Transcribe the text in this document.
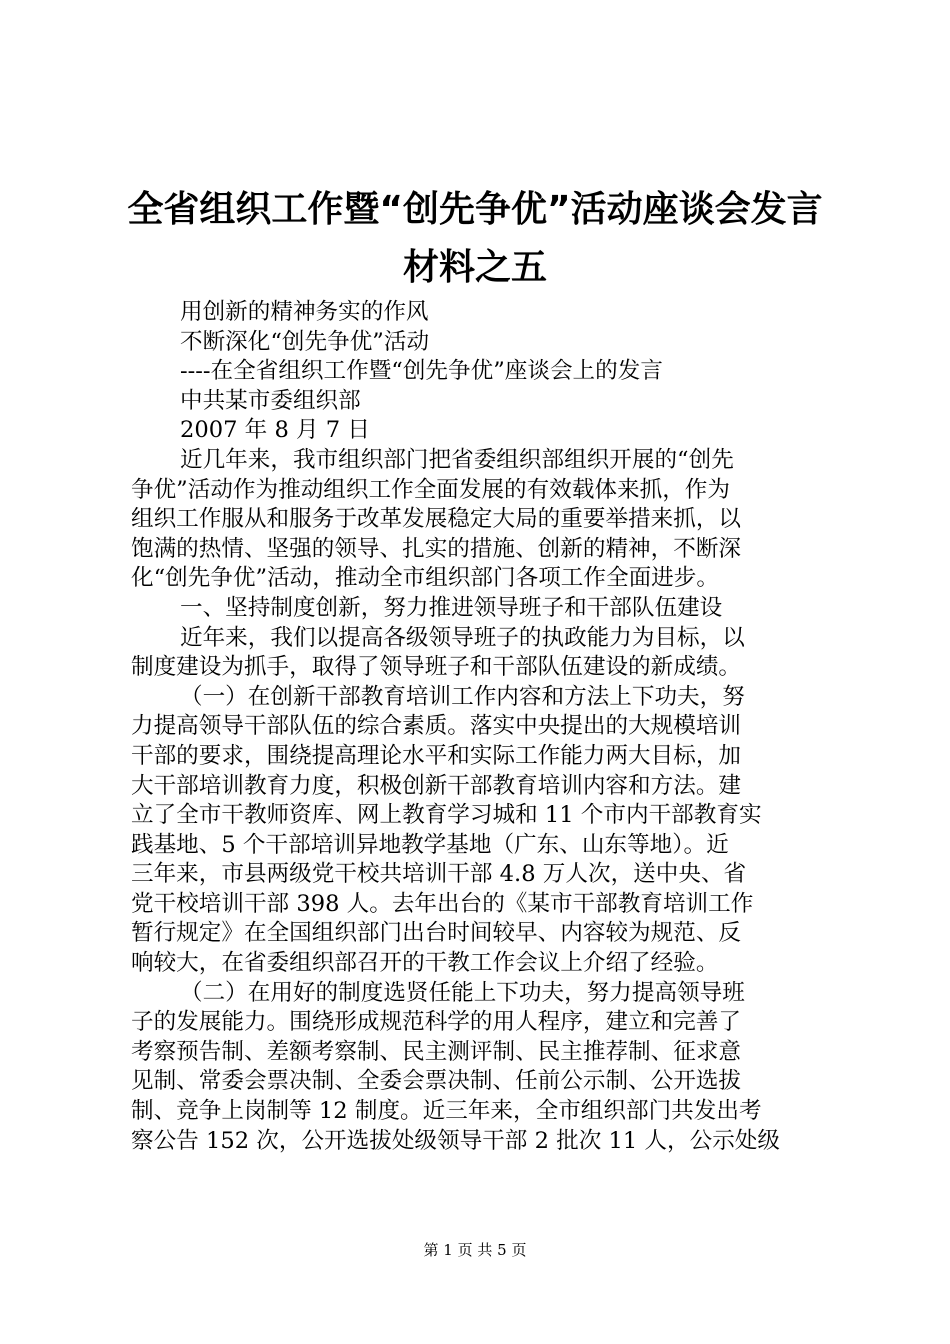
全省组织工作暨“创先争优”活动座谈会发言
材料之五

用创新的精神务实的作风

不断深化“创先争优”活动

----在全省组织工作暨“创先争优”座谈会上的发言

中共某市委组织部

2007 年 8 月 7 日

近几年来，我市组织部门把省委组织部组织开展的“创先

争优”活动作为推动组织工作全面发展的有效载体来抓，作为

组织工作服从和服务于改革发展稳定大局的重要举措来抓，以

饱满的热情、坚强的领导、扎实的措施、创新的精神，不断深

化“创先争优”活动，推动全市组织部门各项工作全面进步。

一、坚持制度创新，努力推进领导班子和干部队伍建设

近年来，我们以提高各级领导班子的执政能力为目标，以

制度建设为抓手，取得了领导班子和干部队伍建设的新成绩。

（一）在创新干部教育培训工作内容和方法上下功夫，努

力提高领导干部队伍的综合素质。落实中央提出的大规模培训

干部的要求，围绕提高理论水平和实际工作能力两大目标，加

大干部培训教育力度，积极创新干部教育培训内容和方法。建

立了全市干教师资库、网上教育学习城和 11 个市内干部教育实

践基地、5 个干部培训异地教学基地（广东、山东等地）。近

三年来，市县两级党干校共培训干部 4.8 万人次，送中央、省

党干校培训干部 398 人。去年出台的《某市干部教育培训工作

暂行规定》在全国组织部门出台时间较早、内容较为规范、反

响较大，在省委组织部召开的干教工作会议上介绍了经验。

（二）在用好的制度选贤任能上下功夫，努力提高领导班

子的发展能力。围绕形成规范科学的用人程序，建立和完善了

考察预告制、差额考察制、民主测评制、民主推荐制、征求意

见制、常委会票决制、全委会票决制、任前公示制、公开选拔

制、竞争上岗制等 12 制度。近三年来，全市组织部门共发出考

察公告 152 次，公开选拔处级领导干部 2 批次 11 人，公示处级

第 1 页 共 5 页
